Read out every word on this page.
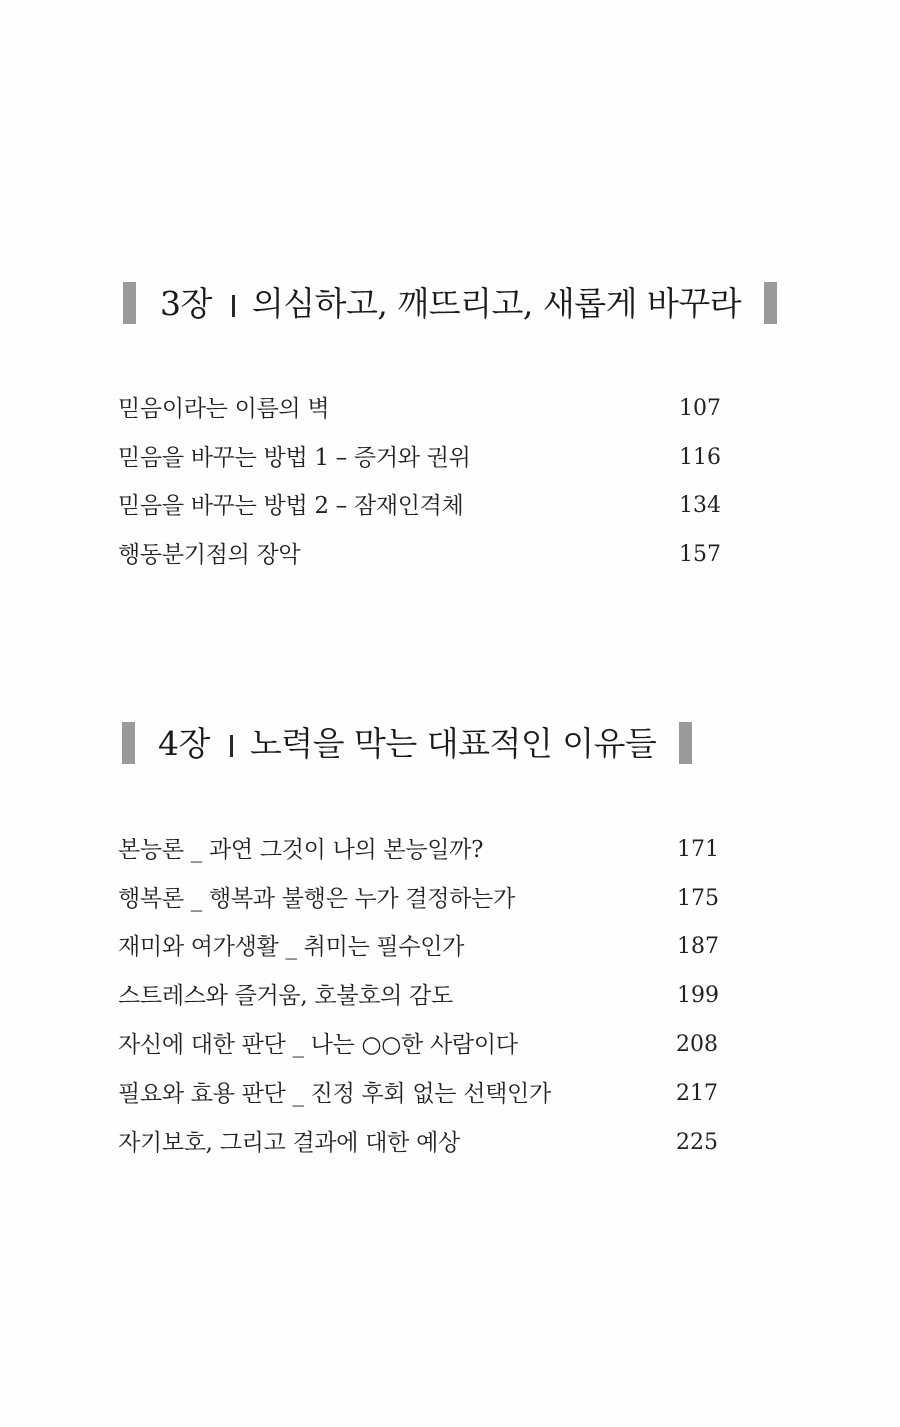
3장 의심하고, 깨뜨리고, 새롭게 바꾸라
믿음이라는 이름의 벽	107
믿음을 바꾸는 방법 1 – 증거와 권위	116
믿음을 바꾸는 방법 2 – 잠재인격체	134
행동분기점의 장악	157
4장 노력을 막는 대표적인 이유들
본능론 _ 과연 그것이 나의 본능일까?	171
행복론 _ 행복과 불행은 누가 결정하는가	175
재미와 여가생활 _ 취미는 필수인가	187
스트레스와 즐거움, 호불호의 감도	199
자신에 대한 판단 _ 나는 ○○한 사람이다	208
필요와 효용 판단 _ 진정 후회 없는 선택인가	217
자기보호, 그리고 결과에 대한 예상	225
